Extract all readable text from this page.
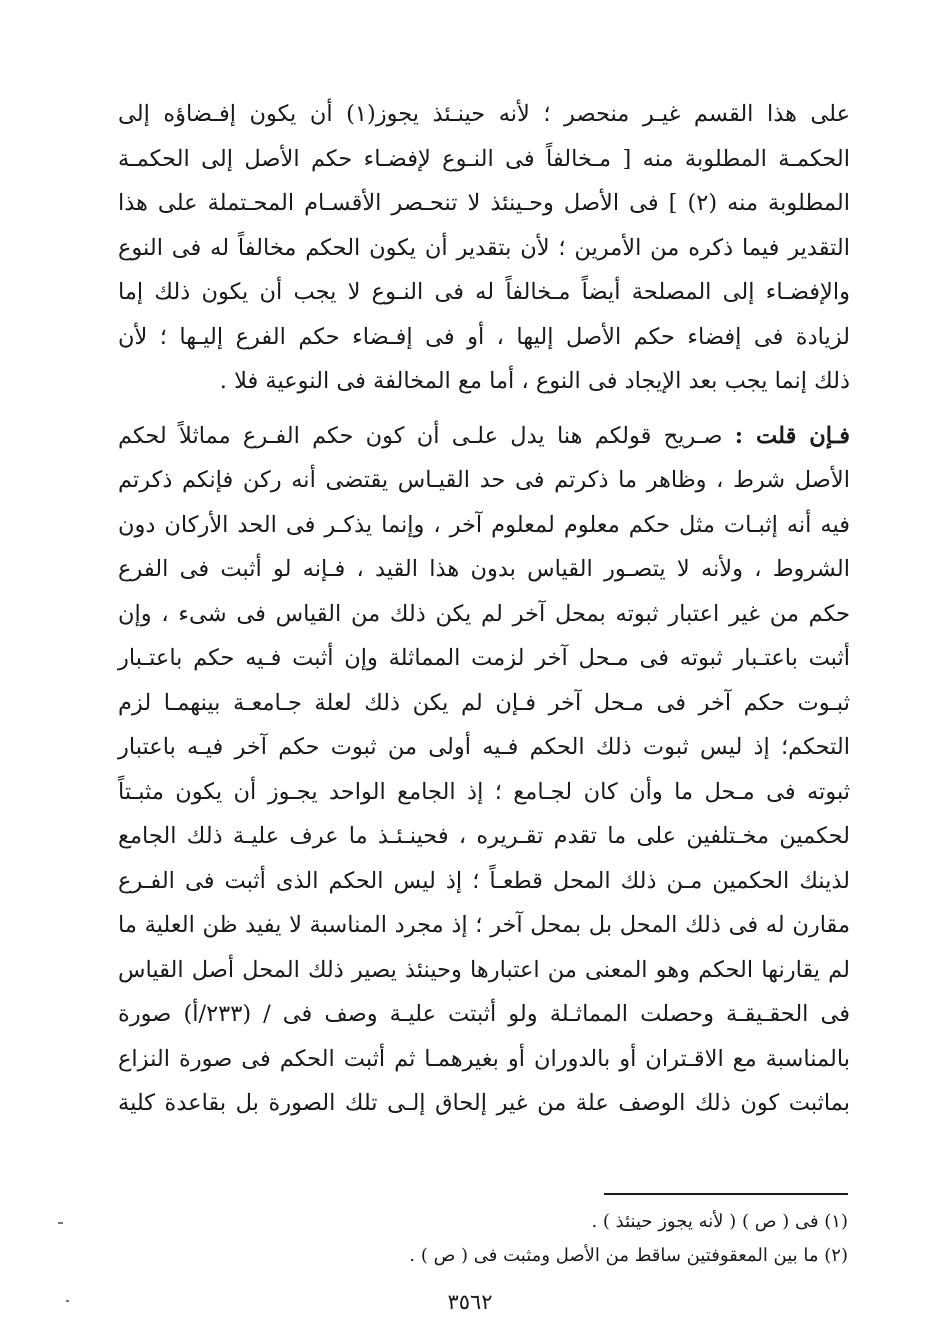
على هذا القسم غيـر منحصر ؛ لأنه حينـئذ يجوز(١) أن يكون إفـضاؤه إلى
الحكمـة المطلوبة منه [ مـخالفاً فى النـوع لإفضـاء حكم الأصل إلى الحكمـة
المطلوبة منه (٢) ] فى الأصل وحـينئذ لا تنحـصر الأقسـام المحـتملة على هذا
التقدير فيما ذكره من الأمرين ؛ لأن بتقدير أن يكون الحكم مخالفاً له فى النوع
والإفضـاء إلى المصلحة أيضاً مـخالفاً له فى النـوع لا يجب أن يكون ذلك إما
لزيادة فى إفضاء حكم الأصل إليها ، أو فى إفـضاء حكم الفرع إليـها ؛ لأن
ذلك إنما يجب بعد الإيجاد فى النوع ، أما مع المخالفة فى النوعية فلا .

فـإن قلت : صـريح قولكم هنا يدل علـى أن كون حكم الفـرع مماثلاً لحكم
الأصل شرط ، وظاهر ما ذكرتم فى حد القيـاس يقتضى أنه ركن فإنكم ذكرتم
فيه أنه إثبـات مثل حكم معلوم لمعلوم آخر ، وإنما يذكـر فى الحد الأركان دون
الشروط ، ولأنه لا يتصـور القياس بدون هذا القيد ، فـإنه لو أثبت فى الفرع
حكم من غير اعتبار ثبوته بمحل آخر لم يكن ذلك من القياس فى شىء ، وإن
أثبت باعتـبار ثبوته فى مـحل آخر لزمت المماثلة وإن أثبت فـيه حكم باعتـبار
ثبـوت حكم آخر فى مـحل آخر فـإن لم يكن ذلك لعلة جـامعـة بينهمـا لزم
التحكم؛ إذ ليس ثبوت ذلك الحكم فـيه أولى من ثبوت حكم آخر فيـه باعتبار
ثبوته فى مـحل ما وأن كان لجـامع ؛ إذ الجامع الواحد يجـوز أن يكون مثبـتاً
لحكمين مخـتلفين على ما تقدم تقـريره ، فحينـئـذ ما عرف عليـة ذلك الجامع
لذينك الحكمين مـن ذلك المحل قطعـاً ؛ إذ ليس الحكم الذى أثبت فى الفـرع
مقارن له فى ذلك المحل بل بمحل آخر ؛ إذ مجرد المناسبة لا يفيد ظن العلية ما
لم يقارنها الحكم وهو المعنى من اعتبارها وحينئذ يصير ذلك المحل أصل القياس
فى الحقـيقـة وحصلت المماثـلة ولو أثبتت عليـة وصف فى / (٢٣٣/أ) صورة
بالمناسبة مع الاقـتران أو بالدوران أو بغيرهمـا ثم أثبت الحكم فى صورة النزاع
بماثبت كون ذلك الوصف علة من غير إلحاق إلـى تلك الصورة بل بقاعدة كلية

(١) فى ( ص ) ( لأنه يجوز حينئذ ) .
(٢) ما بين المعقوفتين ساقط من الأصل ومثبت فى ( ص ) .
٣٥٦٢
